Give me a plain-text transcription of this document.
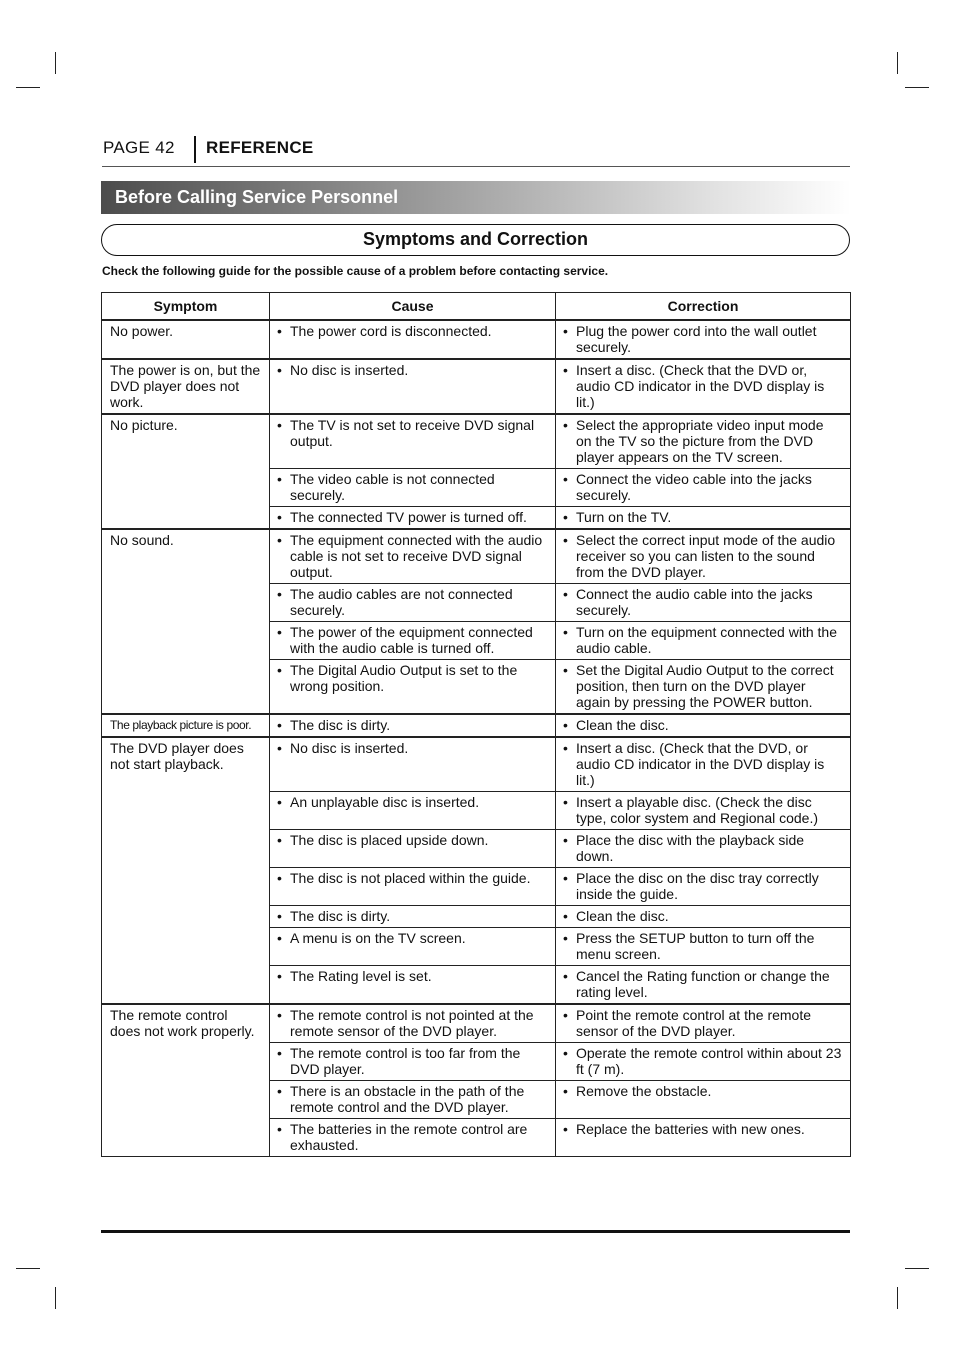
PAGE 42 REFERENCE
Before Calling Service Personnel
Symptoms and Correction
Check the following guide for the possible cause of a problem before contacting service.
Symptom	Cause	Correction
No power.	• The power cord is disconnected.	• Plug the power cord into the wall outlet securely.
The power is on, but the DVD player does not work.	• No disc is inserted.	• Insert a disc. (Check that the DVD or, audio CD indicator in the DVD display is lit.)
No picture.	• The TV is not set to receive DVD signal output.	• Select the appropriate video input mode on the TV so the picture from the DVD player appears on the TV screen.
	• The video cable is not connected securely.	• Connect the video cable into the jacks securely.
	• The connected TV power is turned off.	• Turn on the TV.
No sound.	• The equipment connected with the audio cable is not set to receive DVD signal output.	• Select the correct input mode of the audio receiver so you can listen to the sound from the DVD player.
	• The audio cables are not connected securely.	• Connect the audio cable into the jacks securely.
	• The power of the equipment connected with the audio cable is turned off.	• Turn on the equipment connected with the audio cable.
	• The Digital Audio Output is set to the wrong position.	• Set the Digital Audio Output to the correct position, then turn on the DVD player again by pressing the POWER button.
The playback picture is poor.	• The disc is dirty.	• Clean the disc.
The DVD player does not start playback.	• No disc is inserted.	• Insert a disc. (Check that the DVD, or audio CD indicator in the DVD display is lit.)
	• An unplayable disc is inserted.	• Insert a playable disc. (Check the disc type, color system and Regional code.)
	• The disc is placed upside down.	• Place the disc with the playback side down.
	• The disc is not placed within the guide.	• Place the disc on the disc tray correctly inside the guide.
	• The disc is dirty.	• Clean the disc.
	• A menu is on the TV screen.	• Press the SETUP button to turn off the menu screen.
	• The Rating level is set.	• Cancel the Rating function or change the rating level.
The remote control does not work properly.	• The remote control is not pointed at the remote sensor of the DVD player.	• Point the remote control at the remote sensor of the DVD player.
	• The remote control is too far from the DVD player.	• Operate the remote control within about 23 ft (7 m).
	• There is an obstacle in the path of the remote control and the DVD player.	• Remove the obstacle.
	• The batteries in the remote control are exhausted.	• Replace the batteries with new ones.
